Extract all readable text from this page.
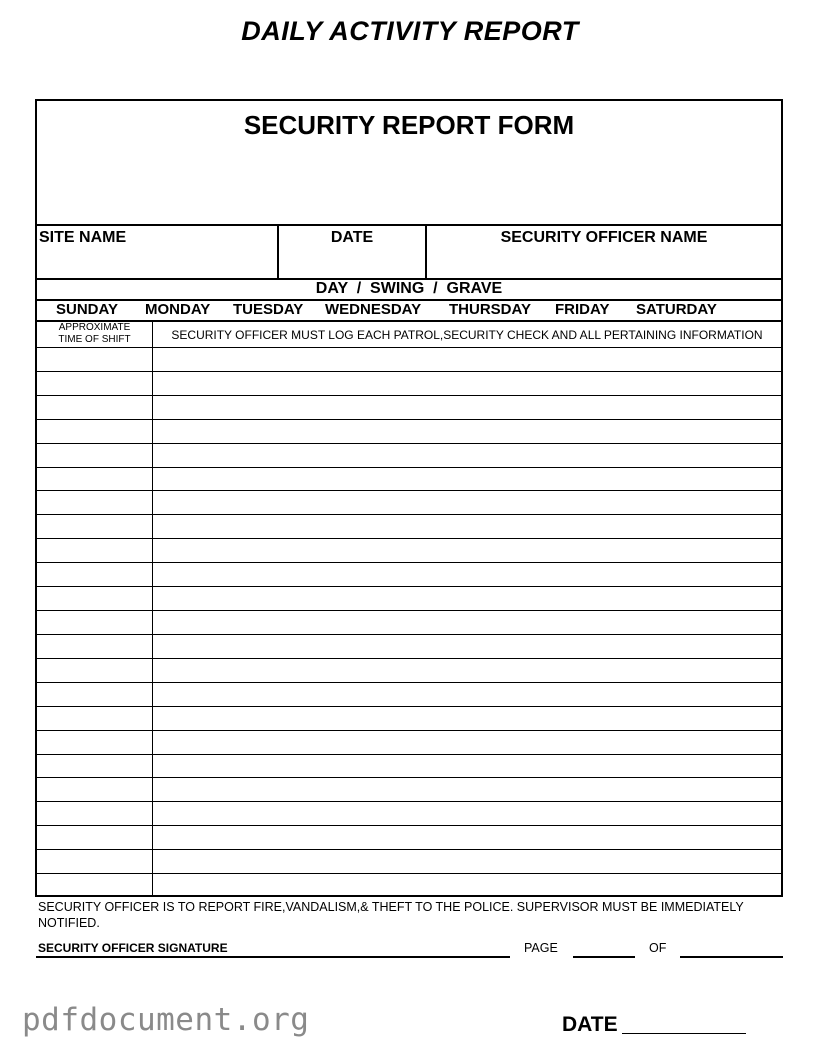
DAILY ACTIVITY REPORT
SECURITY REPORT FORM
SITE NAME	DATE	SECURITY OFFICER NAME
DAY  /  SWING  /  GRAVE
SUNDAY MONDAY TUESDAY WEDNESDAY THURSDAY FRIDAY SATURDAY
APPROXIMATE
TIME OF SHIFT	SECURITY OFFICER MUST LOG EACH PATROL,SECURITY CHECK AND ALL PERTAINING INFORMATION
SECURITY OFFICER IS TO REPORT FIRE,VANDALISM,& THEFT TO THE POLICE. SUPERVISOR MUST BE IMMEDIATELY NOTIFIED.
SECURITY OFFICER SIGNATURE	PAGE	OF
pdfdocument.org	DATE
